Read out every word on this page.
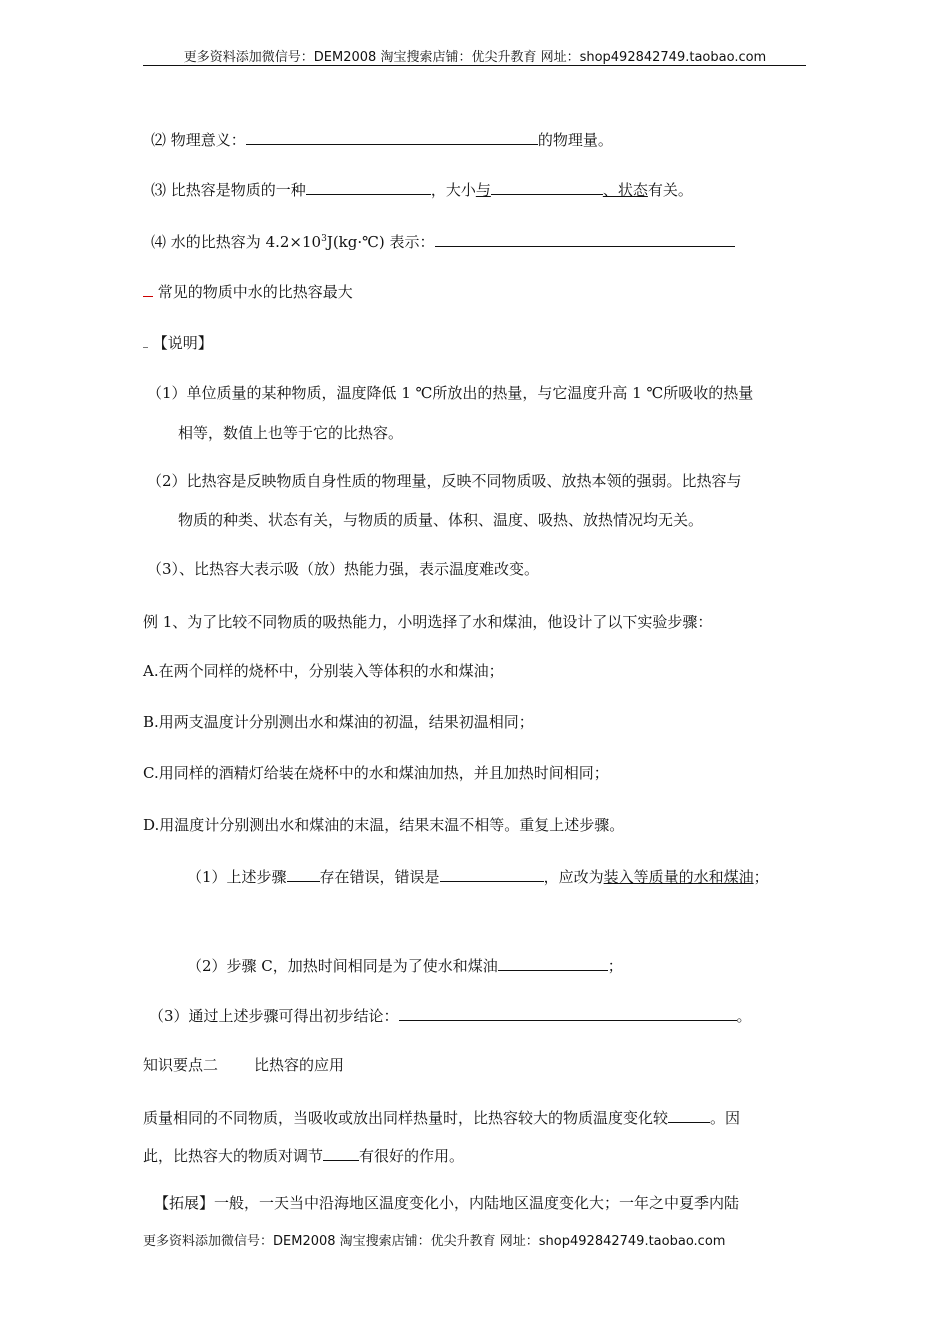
更多资料添加微信号：DEM2008 淘宝搜索店铺：优尖升教育 网址：shop492842749.taobao.com
⑵ 物理意义：	的物理量。
⑶ 比热容是物质的一种	，大小与	、状态有关。
⑷ 水的比热容为 $4.2\times 10^3J(kg\cdot℃)$ 表示：
常见的物质中水的比热容最大
【说明】
（1）单位质量的某种物质，温度降低 1 ℃所放出的热量，与它温度升高 1 ℃所吸收的热量
相等，数值上也等于它的比热容。
（2）比热容是反映物质自身性质的物理量，反映不同物质吸、放热本领的强弱。比热容与
物质的种类、状态有关，与物质的质量、体积、温度、吸热、放热情况均无关。
（3）、比热容大表示吸（放）热能力强，表示温度难改变。
例 1、为了比较不同物质的吸热能力，小明选择了水和煤油，他设计了以下实验步骤：
A.在两个同样的烧杯中，分别装入等体积的水和煤油；
B.用两支温度计分别测出水和煤油的初温，结果初温相同；
C.用同样的酒精灯给装在烧杯中的水和煤油加热，并且加热时间相同；
D.用温度计分别测出水和煤油的末温，结果末温不相等。重复上述步骤。
（1）上述步骤 存在错误，错误是	，应改为装入等质量的水和煤油；
（2）步骤 C，加热时间相同是为了使水和煤油	；
（3）通过上述步骤可得出初步结论：	。
知识要点二 比热容的应用
质量相同的不同物质，当吸收或放出同样热量时，比热容较大的物质温度变化较	。因
此，比热容大的物质对调节 有很好的作用。
【拓展】一般，一天当中沿海地区温度变化小，内陆地区温度变化大；一年之中夏季内陆
更多资料添加微信号：DEM2008 淘宝搜索店铺：优尖升教育 网址：shop492842749.taobao.com
